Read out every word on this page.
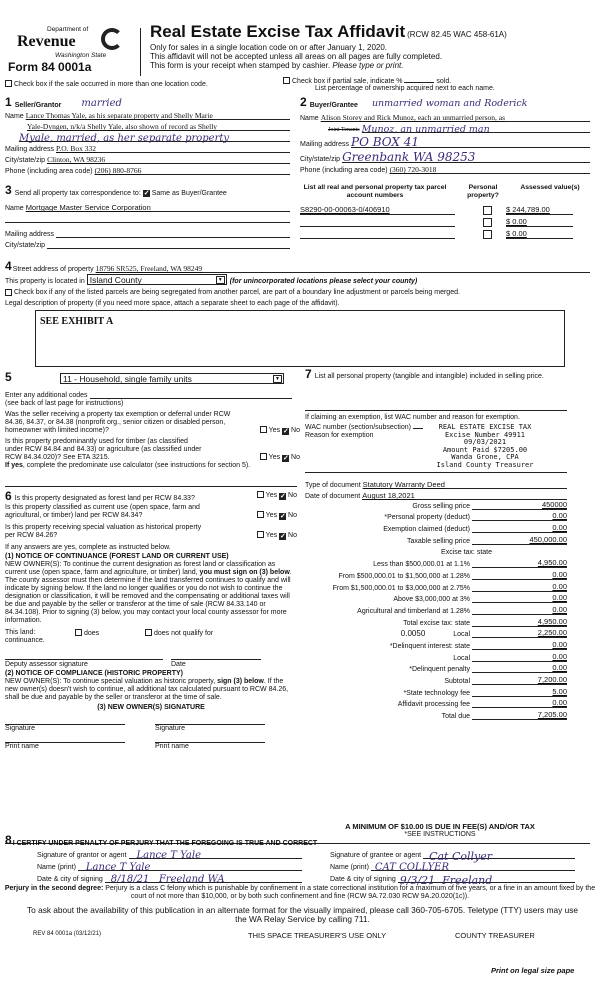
Department of
Revenue
Washington State
Form 84 0001a
Real Estate Excise Tax Affidavit (RCW 82.45 WAC 458-61A)
Only for sales in a single location code on or after January 1, 2020.
This affidavit will not be accepted unless all areas on all pages are fully completed.
This form is your receipt when stamped by cashier. Please type or print.
Check box if the sale occurred in more than one location code.	Check box if partial sale, indicate %	sold.
List percentage of ownership acquired next to each name.
1 Seller/Grantor married
Name Lance Thomas Yale, as his separate property and Shelly Marie
Yale-Dyngen, n/k/a Shelly Yale, also shown of record as Shelly
Myale, married, as her separate property
Mailing address P.O. Box 332
City/state/zip Clinton, WA 98236
Phone (including area code) (206) 880-8766
2 Buyer/Grantee unmarried woman and Roderick
Name Alison Storey and Rick Munoz, each an unmarried person, as
Joint Tenants Munoz, an unmarried man
Mailing address PO BOX 41
City/state/zip Greenbank WA 98253
Phone (including area code) (360) 720-3018
3 Send all property tax correspondence to:
✓ Same as Buyer/Grantee
Name Mortgage Master Service Corporation
Mailing address
City/state/zip
List all real and personal property tax parcel account numbers
Personal property?
Assessed value(s)
S8290-00-00063-0/406910	$ 244,789.00
$ 0.00
$ 0.00
4 Street address of property 18796 SR525, Freeland, WA 98249
This property is located in Island County	▼ (for unincorporated locations please select your county)
Check box if any of the listed parcels are being segregated from another parcel, are part of a boundary line adjustment or parcels being merged.
Legal description of property (if you need more space, attach a separate sheet to each page of the affidavit).
SEE EXHIBIT A
5	11 - Household, single family units	▼
Enter any additional codes

(see back of last page for instructions)

Was the seller receiving a property tax exemption or deferral under RCW 84.36, 84.37, or 84.38 (nonprofit org., senior citizen or disabled person, homeowner with limited income)?	Yes ✓ No

Is this property predominantly used for timber (as classified under RCW 84.84 and 84.33) or agriculture (as classified under RCW 84.34.020)? See ETA 3215.	Yes ✓ No

If yes, complete the predominate use calculator (see instructions for section 5).

6 Is this property designated as forest land per RCW 84.33?	Yes ✓ No

Is this property classified as current use (open space, farm and agricultural, or timber) land per RCW 84.34?	Yes ✓ No

Is this property receiving special valuation as historical property per RCW 84.26?	Yes ✓ No

If any answers are yes, complete as instructed below.

(1) NOTICE OF CONTINUANCE (FOREST LAND OR CURRENT USE)

NEW OWNER(S): To continue the current designation as forest land or classification as current use (open space, farm and agriculture, or timber) land, you must sign on (3) below. The county assessor must then determine if the land transferred continues to qualify and will indicate by signing below. If the land no longer qualifies or you do not wish to continue the designation or classification, it will be removed and the compensating or additional taxes will be due and payable by the seller or transferor at the time of sale (RCW 84.33.140 or 84.34.108). Prior to signing (3) below, you may contact your local county assessor for more information.

This land:	does	does not qualify for

continuance.

Deputy assessor signature	Date

(2) NOTICE OF COMPLIANCE (HISTORIC PROPERTY)

NEW OWNER(S): To continue special valuation as historic property, sign (3) below. If the new owner(s) doesn't wish to continue, all additional tax calculated pursuant to RCW 84.26, shall be due and payable by the seller or transferor at the time of sale.

(3) NEW OWNER(S) SIGNATURE

Signature	Signature
Print name	Print name

7 List all personal property (tangible and intangible) included in selling price.

If claiming an exemption, list WAC number and reason for exemption.

WAC number (section/subsection)

Reason for exemption

REAL ESTATE EXCISE TAX
Excise Number 49911
09/03/2021
Amount Paid $7205.00
Wanda Grone, CPA
Island County Treasurer
Type of document Statutory Warranty Deed
Date of document August 18,2021
Gross selling price	450000
*Personal property (deduct)	0.00
Exemption claimed (deduct)	0.00
Taxable selling price	450,000.00
Excise tax: state
Less than $500,000.01 at 1.1%	4,950.00
From $500,000.01 to $1,500,000 at 1.28%	0.00
From $1,500,000.01 to $3,000,000 at 2.75%	0.00
Above $3,000,000 at 3%	0.00
Agricultural and timberland at 1.28%	0.00
Total excise tax: state	4,950.00
0.0050	Local	2,250.00
*Delinquent interest: state	0.00
Local	0.00
*Delinquent penalty	0.00
Subtotal	7,200.00
*State technology fee	5.00
Affidavit processing fee	0.00
Total due	7,205.00
A MINIMUM OF $10.00 IS DUE IN FEE(S) AND/OR TAX
*SEE INSTRUCTIONS
8 I CERTIFY UNDER PENALTY OF PERJURY THAT THE FOREGOING IS TRUE AND CORRECT
Signature of grantor or agent	Lance T Yale
Name (print)	Lance T Yale
Date & city of signing 8/18/21   Freeland WA
Signature of grantee or agent Cat Collyer
Name (print) CAT COLLYER
Date & city of signing 9/3/21  Freeland
Perjury in the second degree: Perjury is a class C felony which is punishable by confinement in a state correctional institution for a maximum of five years, or a fine in an amount fixed by the court of not more than $10,000, or by both such confinement and fine (RCW 9A.72.030 RCW 9A.20.020(1c)).
To ask about the availability of this publication in an alternate format for the visually impaired, please call 360-705-6705. Teletype (TTY) users may use the WA Relay Service by calling 711.
REV 84 0001a (03/12/21)	THIS SPACE TREASURER'S USE ONLY	COUNTY TREASURER
Print on legal size pape
